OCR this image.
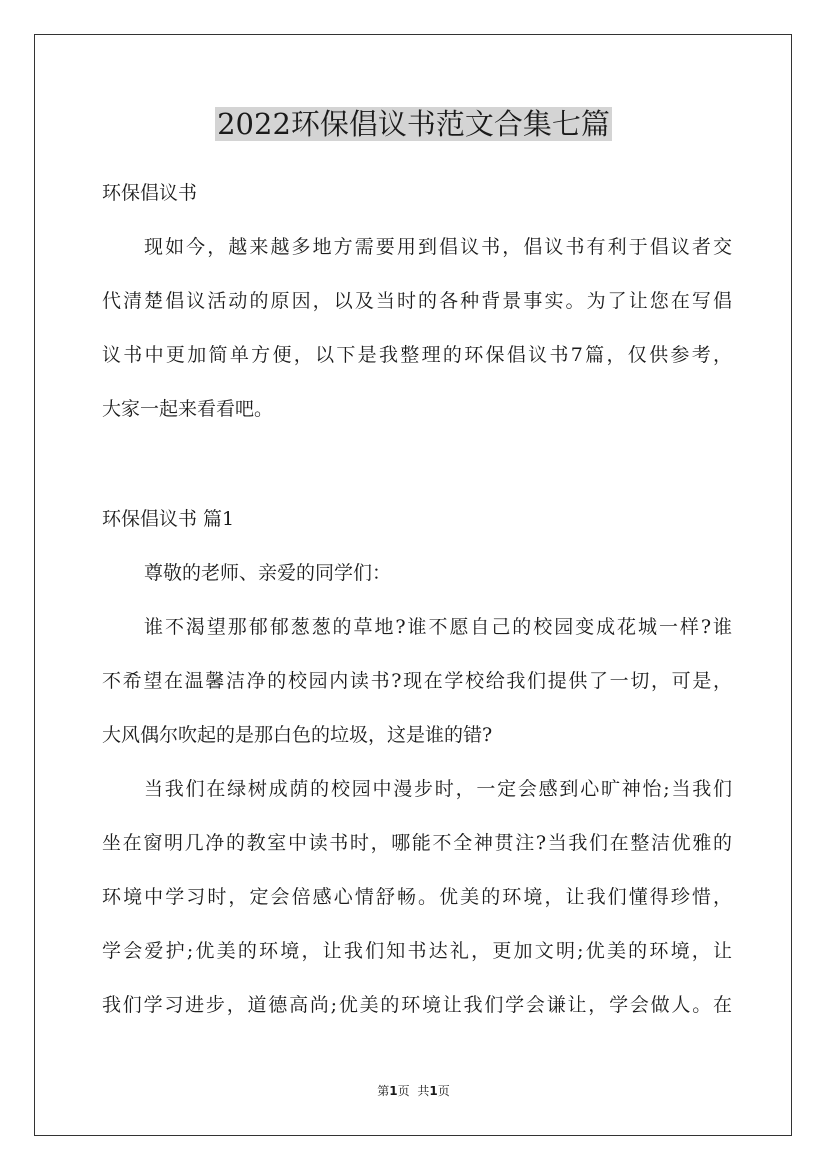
2022环保倡议书范文合集七篇

环保倡议书

现如今，越来越多地方需要用到倡议书，倡议书有利于倡议者交
代清楚倡议活动的原因，以及当时的各种背景事实。为了让您在写倡
议书中更加简单方便，以下是我整理的环保倡议书7篇，仅供参考，
大家一起来看看吧。

环保倡议书 篇1

尊敬的老师、亲爱的同学们：

谁不渴望那郁郁葱葱的草地?谁不愿自己的校园变成花城一样?谁
不希望在温馨洁净的校园内读书?现在学校给我们提供了一切，可是，
大风偶尔吹起的是那白色的垃圾，这是谁的错?
当我们在绿树成荫的校园中漫步时，一定会感到心旷神怡;当我们
坐在窗明几净的教室中读书时，哪能不全神贯注?当我们在整洁优雅的
环境中学习时，定会倍感心情舒畅。优美的环境，让我们懂得珍惜，
学会爱护;优美的环境，让我们知书达礼，更加文明;优美的环境，让
我们学习进步，道德高尚;优美的环境让我们学会谦让，学会做人。在
第1页 共1页
